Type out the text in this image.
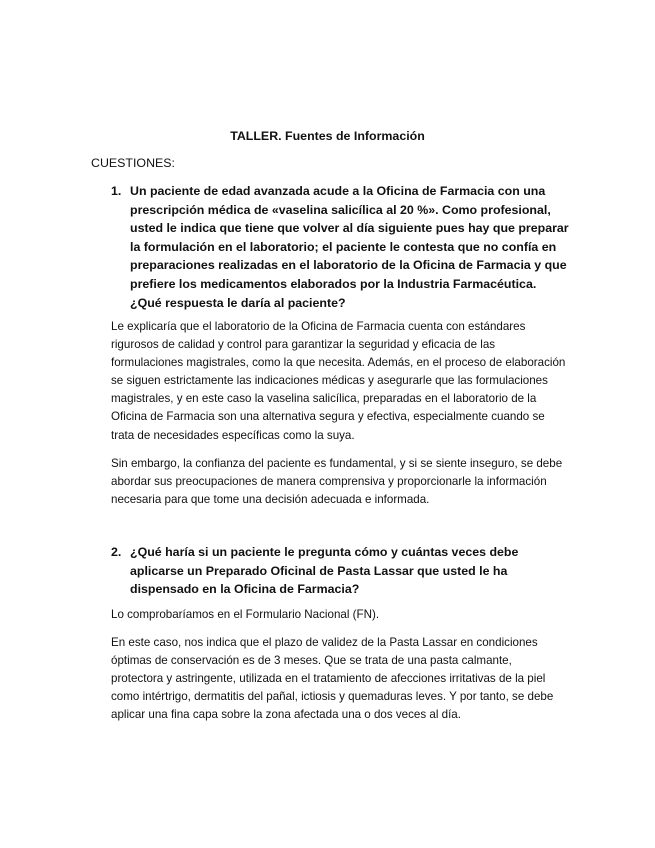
TALLER. Fuentes de Información
CUESTIONES:
1. Un paciente de edad avanzada acude a la Oficina de Farmacia con una prescripción médica de «vaselina salicílica al 20 %». Como profesional, usted le indica que tiene que volver al día siguiente pues hay que preparar la formulación en el laboratorio; el paciente le contesta que no confía en preparaciones realizadas en el laboratorio de la Oficina de Farmacia y que prefiere los medicamentos elaborados por la Industria Farmacéutica. ¿Qué respuesta le daría al paciente?

Le explicaría que el laboratorio de la Oficina de Farmacia cuenta con estándares rigurosos de calidad y control para garantizar la seguridad y eficacia de las formulaciones magistrales, como la que necesita. Además, en el proceso de elaboración se siguen estrictamente las indicaciones médicas y asegurarle que las formulaciones magistrales, y en este caso la vaselina salicílica, preparadas en el laboratorio de la Oficina de Farmacia son una alternativa segura y efectiva, especialmente cuando se trata de necesidades específicas como la suya.

Sin embargo, la confianza del paciente es fundamental, y si se siente inseguro, se debe abordar sus preocupaciones de manera comprensiva y proporcionarle la información necesaria para que tome una decisión adecuada e informada.

2. ¿Qué haría si un paciente le pregunta cómo y cuántas veces debe aplicarse un Preparado Oficinal de Pasta Lassar que usted le ha dispensado en la Oficina de Farmacia?

Lo comprobaríamos en el Formulario Nacional (FN).

En este caso, nos indica que el plazo de validez de la Pasta Lassar en condiciones óptimas de conservación es de 3 meses. Que se trata de una pasta calmante, protectora y astringente, utilizada en el tratamiento de afecciones irritativas de la piel como intértrigo, dermatitis del pañal, ictiosis y quemaduras leves. Y por tanto, se debe aplicar una fina capa sobre la zona afectada una o dos veces al día.
